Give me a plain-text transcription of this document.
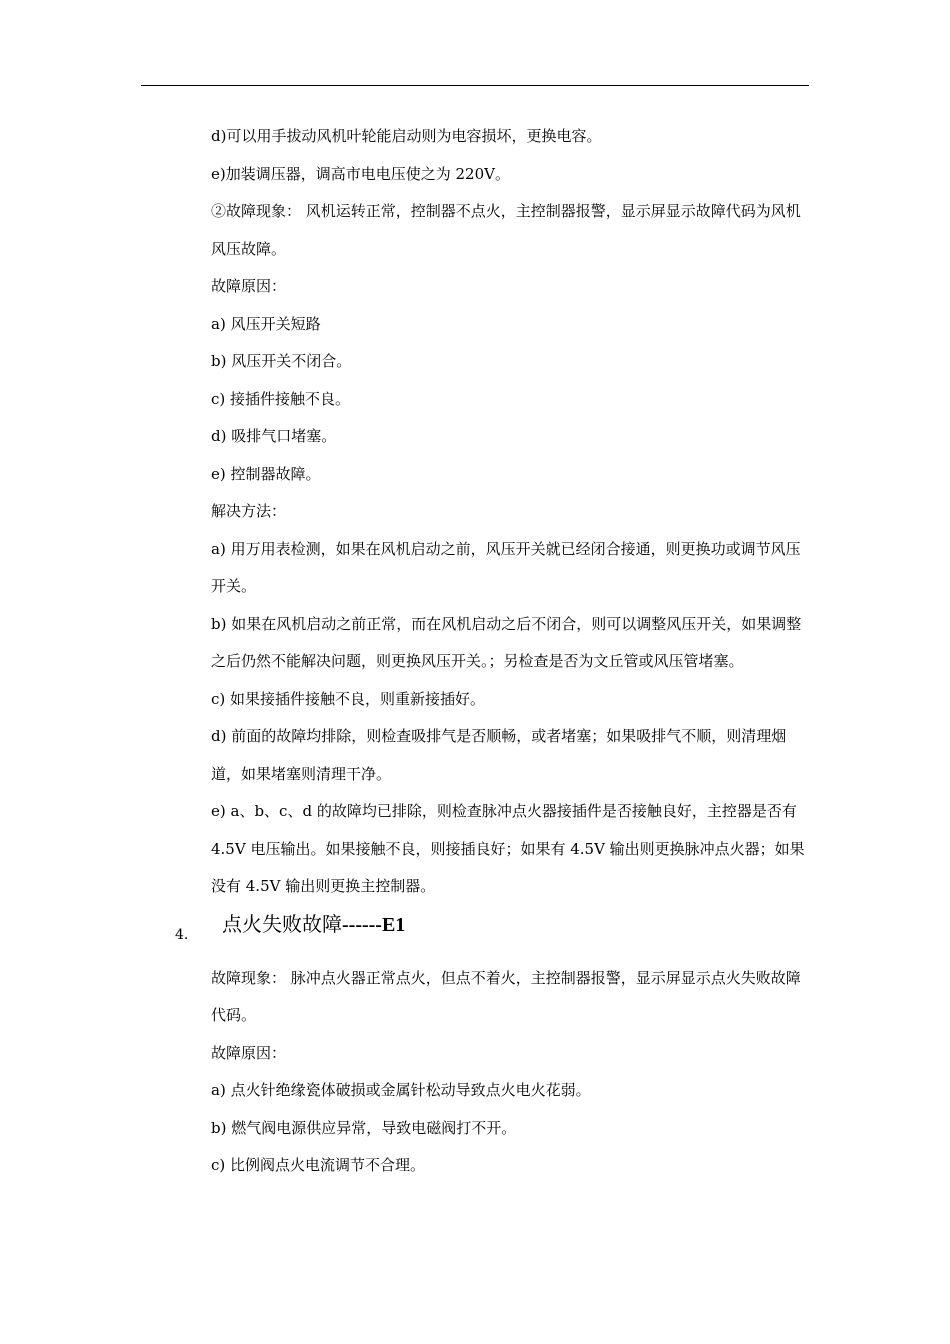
d)可以用手拔动风机叶轮能启动则为电容损坏，更换电容。

e)加装调压器，调高市电电压使之为 220V。

②故障现象： 风机运转正常，控制器不点火，主控制器报警，显示屏显示故障代码为风机风压故障。

故障原因：

a) 风压开关短路

b) 风压开关不闭合。

c) 接插件接触不良。

d) 吸排气口堵塞。

e) 控制器故障。

解决方法：

a) 用万用表检测，如果在风机启动之前，风压开关就已经闭合接通，则更换功或调节风压开关。

b) 如果在风机启动之前正常，而在风机启动之后不闭合，则可以调整风压开关，如果调整之后仍然不能解决问题，则更换风压开关。；另检查是否为文丘管或风压管堵塞。

c) 如果接插件接触不良，则重新接插好。

d) 前面的故障均排除，则检查吸排气是否顺畅，或者堵塞；如果吸排气不顺，则清理烟道，如果堵塞则清理干净。

e) a、b、c、d 的故障均已排除，则检查脉冲点火器接插件是否接触良好，主控器是否有 4.5V 电压输出。如果接触不良，则接插良好；如果有 4.5V 输出则更换脉冲点火器；如果没有 4.5V 输出则更换主控制器。

4. 点火失败故障------E1

故障现象： 脉冲点火器正常点火，但点不着火，主控制器报警，显示屏显示点火失败故障代码。

故障原因：

a) 点火针绝缘瓷体破损或金属针松动导致点火电火花弱。

b) 燃气阀电源供应异常，导致电磁阀打不开。

c) 比例阀点火电流调节不合理。
